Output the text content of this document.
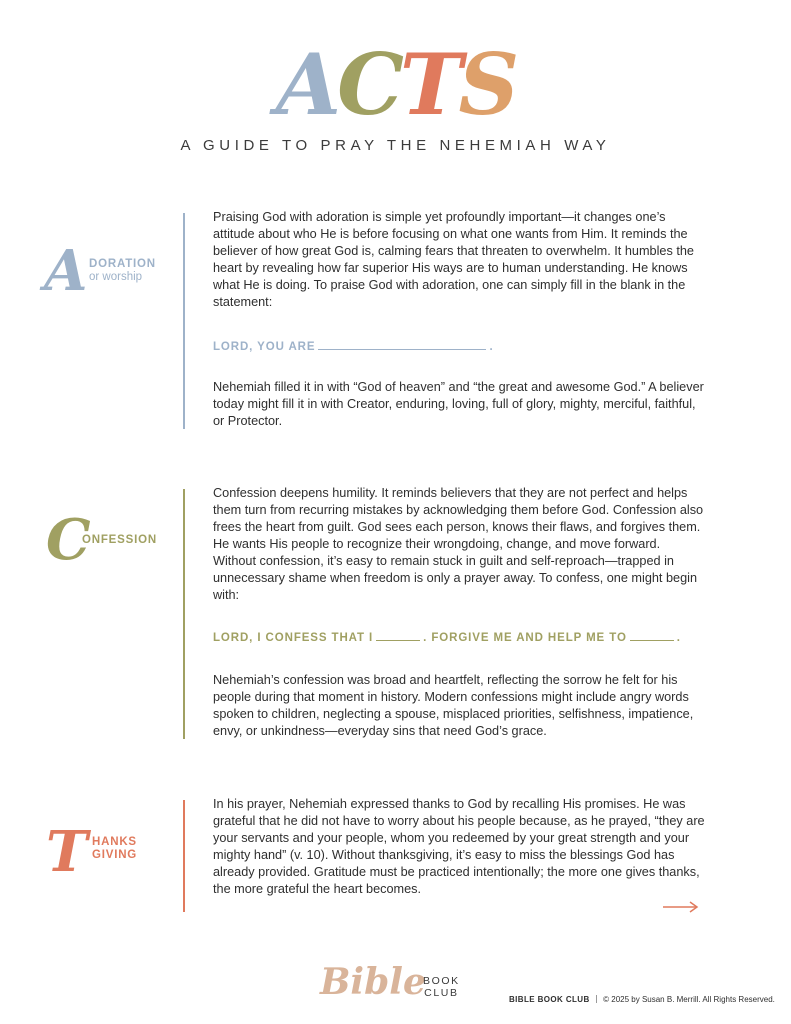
ACTS
A GUIDE TO PRAY THE NEHEMIAH WAY
A DORATION
or worship
Praising God with adoration is simple yet profoundly important—it changes one’s attitude about who He is before focusing on what one wants from Him. It reminds the believer of how great God is, calming fears that threaten to overwhelm. It humbles the heart by revealing how far superior His ways are to human understanding. He knows what He is doing. To praise God with adoration, one can simply fill in the blank in the statement:
LORD, YOU ARE	.
Nehemiah filled it in with “God of heaven” and “the great and awesome God.” A believer today might fill it in with Creator, enduring, loving, full of glory, mighty, merciful, faithful, or Protector.
C
ONFESSION
Confession deepens humility. It reminds believers that they are not perfect and helps them turn from recurring mistakes by acknowledging them before God. Confession also frees the heart from guilt. God sees each person, knows their flaws, and forgives them. He wants His people to recognize their wrongdoing, change, and move forward. Without confession, it’s easy to remain stuck in guilt and self-reproach—trapped in unnecessary shame when freedom is only a prayer away. To confess, one might begin with:
LORD, I CONFESS THAT I	. FORGIVE ME AND HELP ME TO	.
Nehemiah’s confession was broad and heartfelt, reflecting the sorrow he felt for his people during that moment in history. Modern confessions might include angry words spoken to children, neglecting a spouse, misplaced priorities, selfishness, impatience, envy, or unkindness—everyday sins that need God’s grace.
T HANKS
GIVING
In his prayer, Nehemiah expressed thanks to God by recalling His promises. He was grateful that he did not have to worry about his people because, as he prayed, “they are your servants and your people, whom you redeemed by your great strength and your mighty hand” (v. 10). Without thanksgiving, it’s easy to miss the blessings God has already provided. Gratitude must be practiced intentionally; the more one gives thanks, the more grateful the heart becomes.
Bible
BOOK
CLUB
BIBLE BOOK CLUB © 2025 by Susan B. Merrill. All Rights Reserved.
